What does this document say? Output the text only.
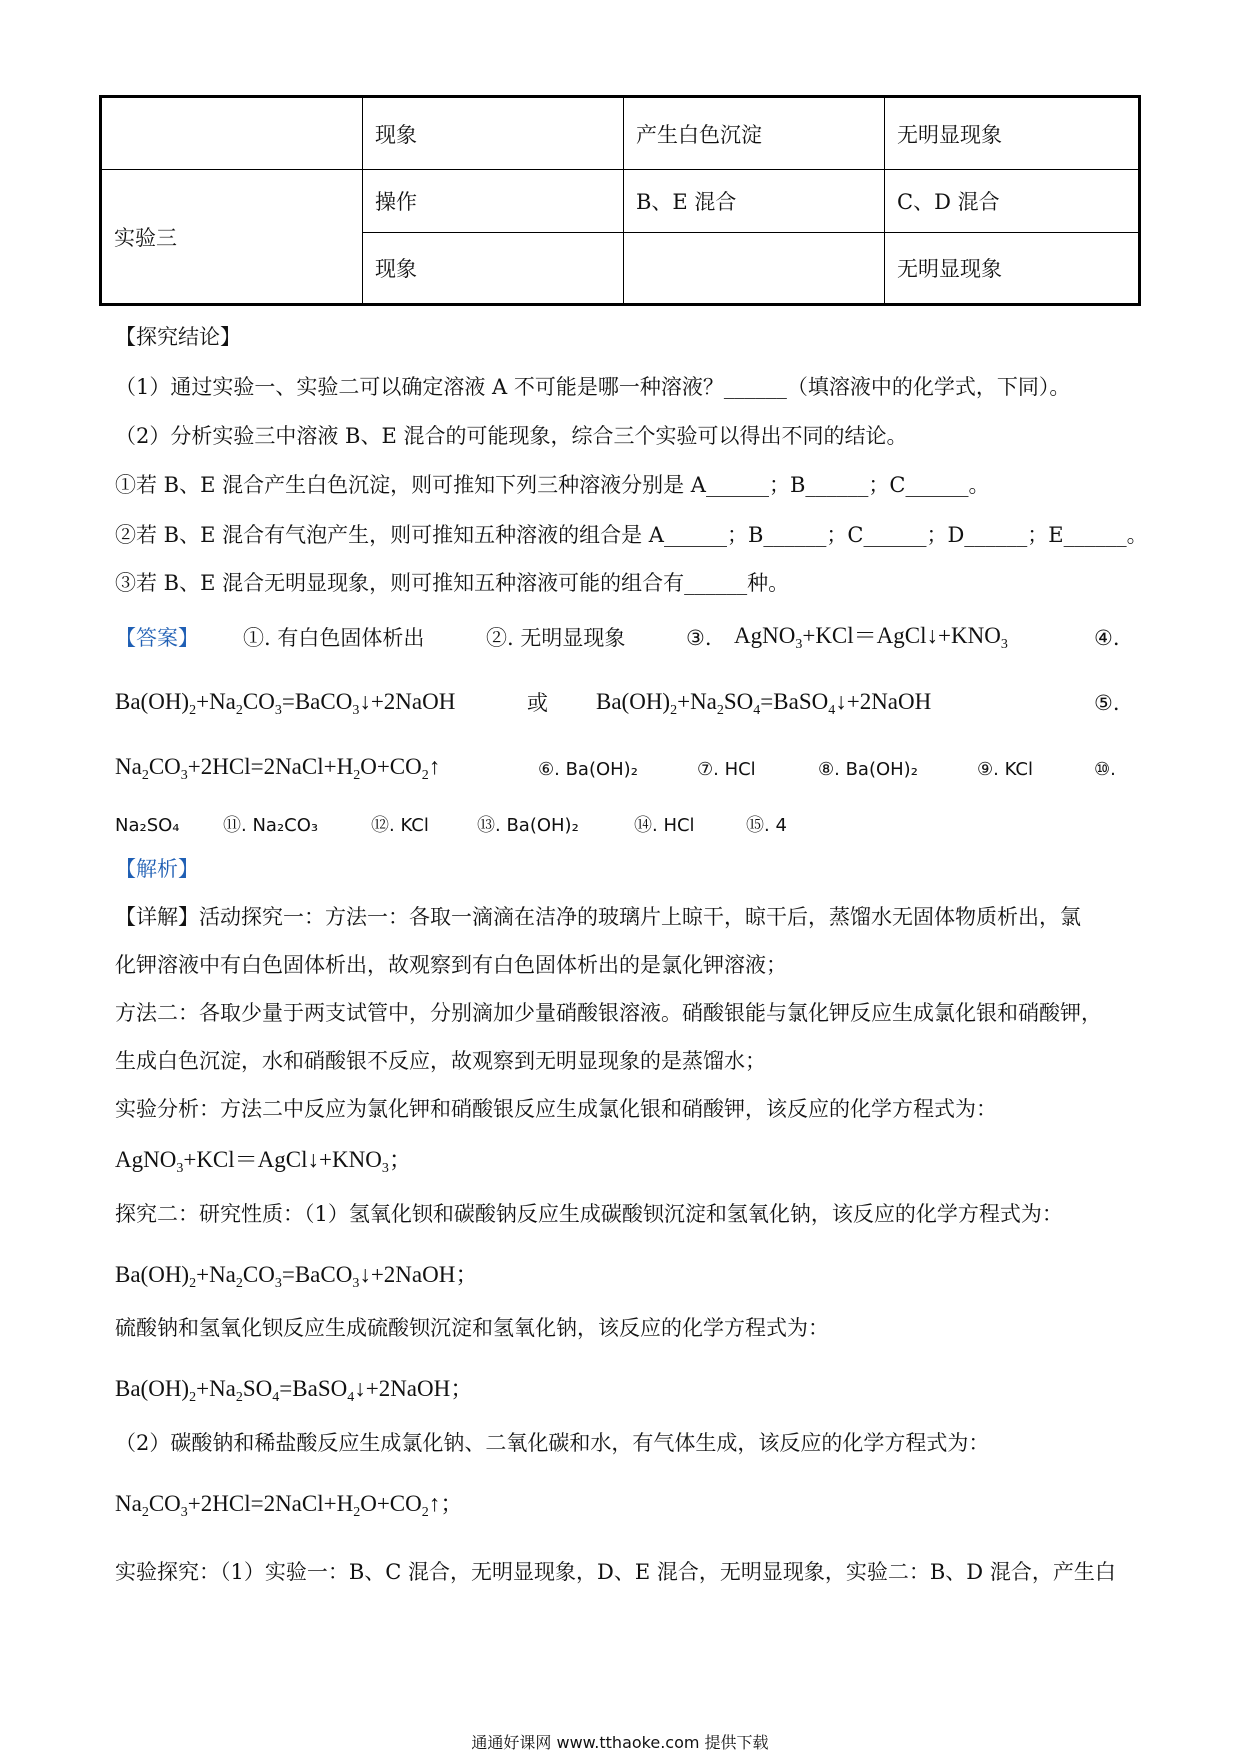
	现象	产生白色沉淀	无明显现象
实验三	操作	B、E 混合	C、D 混合
	现象		无明显现象
【探究结论】
（1）通过实验一、实验二可以确定溶液 A 不可能是哪一种溶液？______（填溶液中的化学式，下同）。
（2）分析实验三中溶液 B、E 混合的可能现象，综合三个实验可以得出不同的结论。
①若 B、E 混合产生白色沉淀，则可推知下列三种溶液分别是 A______；B______；C______。
②若 B、E 混合有气泡产生，则可推知五种溶液的组合是 A______；B______；C______；D______；E______。
③若 B、E 混合无明显现象，则可推知五种溶液可能的组合有______种。
【答案】 ①. 有白色固体析出	②. 无明显现象	③. $AgNO_3+KCl=AgCl↓+KNO_3$	④.
$Ba(OH)_2+Na_2CO_3=BaCO_3↓+2NaOH$	或 $Ba(OH)_2+Na_2SO_4=BaSO_4↓+2NaOH$	⑤.
$Na_2CO_3+2HCl=2NaCl+H_2O+CO_2↑$	⑥. Ba(OH)₂	⑦. HCl	⑧. Ba(OH)₂	⑨. KCl	⑩.
Na₂SO₄ ⑪. Na₂CO₃	⑫. KCl	⑬. Ba(OH)₂	⑭. HCl	⑮. 4
【解析】
【详解】活动探究一：方法一：各取一滴滴在洁净的玻璃片上晾干，晾干后，蒸馏水无固体物质析出，氯
化钾溶液中有白色固体析出，故观察到有白色固体析出的是氯化钾溶液；
方法二：各取少量于两支试管中，分别滴加少量硝酸银溶液。硝酸银能与氯化钾反应生成氯化银和硝酸钾，
生成白色沉淀，水和硝酸银不反应，故观察到无明显现象的是蒸馏水；
实验分析：方法二中反应为氯化钾和硝酸银反应生成氯化银和硝酸钾，该反应的化学方程式为：
$AgNO_3+KCl=AgCl↓+KNO_3$；
探究二：研究性质：（1）氢氧化钡和碳酸钠反应生成碳酸钡沉淀和氢氧化钠，该反应的化学方程式为：
$Ba(OH)_2+Na_2CO_3=BaCO_3↓+2NaOH$；
硫酸钠和氢氧化钡反应生成硫酸钡沉淀和氢氧化钠，该反应的化学方程式为：
$Ba(OH)_2+Na_2SO_4=BaSO_4↓+2NaOH$；
（2）碳酸钠和稀盐酸反应生成氯化钠、二氧化碳和水，有气体生成，该反应的化学方程式为：
$Na_2CO_3+2HCl=2NaCl+H_2O+CO_2↑$；
实验探究：（1）实验一：B、C 混合，无明显现象，D、E 混合，无明显现象，实验二：B、D 混合，产生白
通通好课网 www.tthaoke.com 提供下载
